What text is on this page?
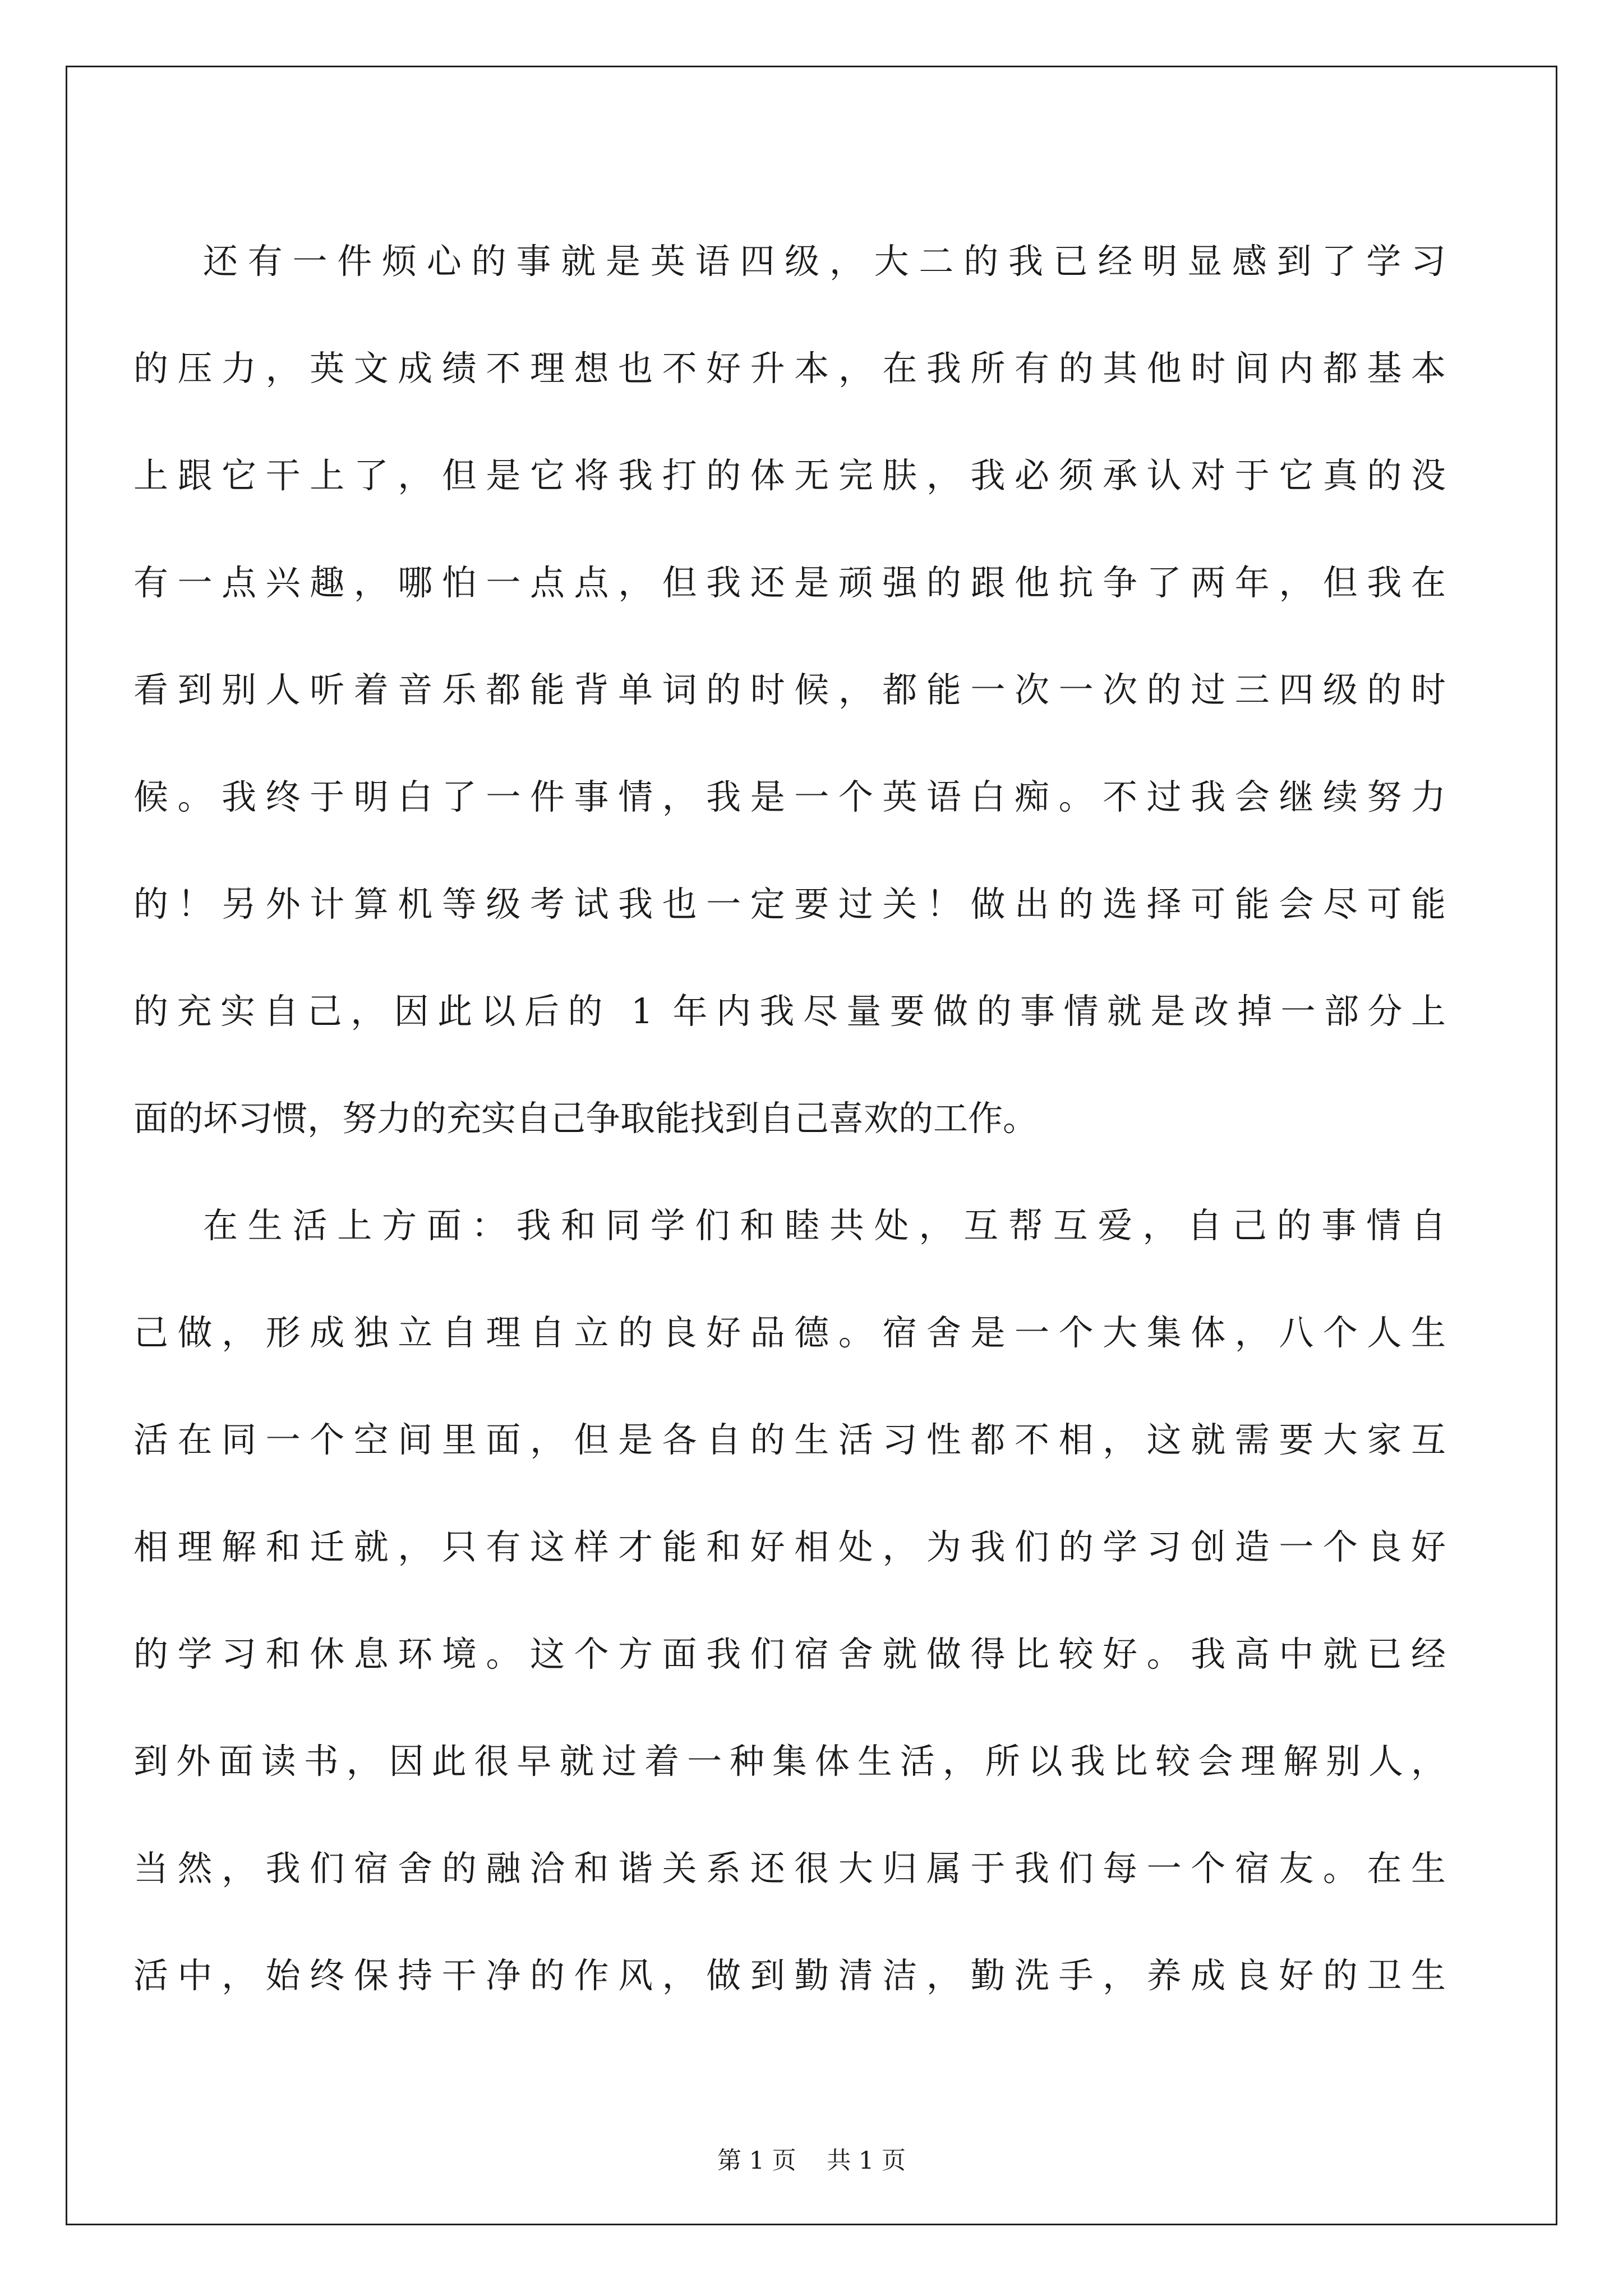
还有一件烦心的事就是英语四级，大二的我已经明显感到了学习
的压力，英文成绩不理想也不好升本，在我所有的其他时间内都基本
上跟它干上了，但是它将我打的体无完肤，我必须承认对于它真的没
有一点兴趣，哪怕一点点，但我还是顽强的跟他抗争了两年，但我在
看到别人听着音乐都能背单词的时候，都能一次一次的过三四级的时
候。我终于明白了一件事情，我是一个英语白痴。不过我会继续努力
的！另外计算机等级考试我也一定要过关！做出的选择可能会尽可能
的充实自己，因此以后的 1 年内我尽量要做的事情就是改掉一部分上
面的坏习惯，努力的充实自己争取能找到自己喜欢的工作。
在生活上方面：我和同学们和睦共处，互帮互爱，自己的事情自
己做，形成独立自理自立的良好品德。宿舍是一个大集体，八个人生
活在同一个空间里面，但是各自的生活习性都不相，这就需要大家互
相理解和迁就，只有这样才能和好相处，为我们的学习创造一个良好
的学习和休息环境。这个方面我们宿舍就做得比较好。我高中就已经
到外面读书，因此很早就过着一种集体生活，所以我比较会理解别人，
当然，我们宿舍的融洽和谐关系还很大归属于我们每一个宿友。在生
活中，始终保持干净的作风，做到勤清洁，勤洗手，养成良好的卫生
第 1 页    共 1 页
